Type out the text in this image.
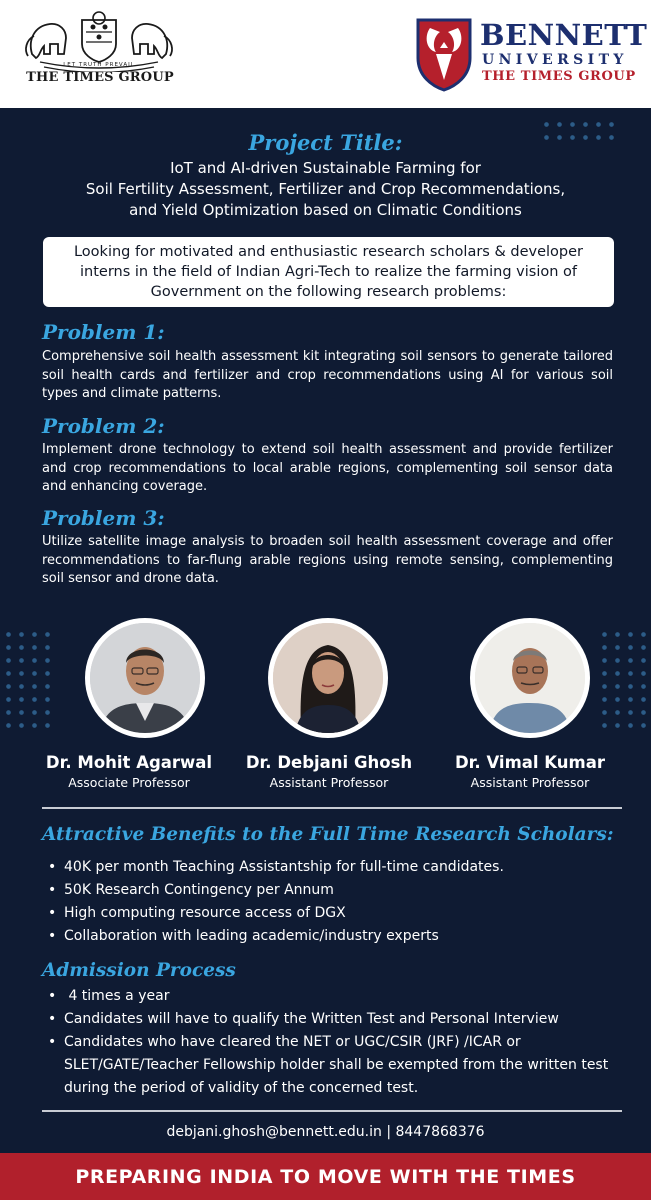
LET TRUTH PREVAIL
THE TIMES GROUP
BENNETT
UNIVERSITY
THE TIMES GROUP
Project Title:
IoT and AI-driven Sustainable Farming for
Soil Fertility Assessment, Fertilizer and Crop Recommendations,
and Yield Optimization based on Climatic Conditions
Looking for motivated and enthusiastic research scholars & developer interns in the field of Indian Agri-Tech to realize the farming vision of Government on the following research problems:
Problem 1:
Comprehensive soil health assessment kit integrating soil sensors to generate tailored soil health cards and fertilizer and crop recommendations using AI for various soil types and climate patterns.
Problem 2:
Implement drone technology to extend soil health assessment and provide fertilizer and crop recommendations to local arable regions, complementing soil sensor data and enhancing coverage.
Problem 3:
Utilize satellite image analysis to broaden soil health assessment coverage and offer recommendations to far-flung arable regions using remote sensing, complementing soil sensor and drone data.
Dr. Mohit Agarwal
Associate Professor
Dr. Debjani Ghosh
Assistant Professor
Dr. Vimal Kumar
Assistant Professor
Attractive Benefits to the Full Time Research Scholars:
• 40K per month Teaching Assistantship for full-time candidates.
• 50K Research Contingency per Annum
• High computing resource access of DGX
• Collaboration with leading academic/industry experts
Admission Process
•  4 times a year
• Candidates will have to qualify the Written Test and Personal Interview
• Candidates who have cleared the NET or UGC/CSIR (JRF) /ICAR or SLET/GATE/Teacher Fellowship holder shall be exempted from the written test during the period of validity of the concerned test.
debjani.ghosh@bennett.edu.in | 8447868376
PREPARING INDIA TO MOVE WITH THE TIMES
